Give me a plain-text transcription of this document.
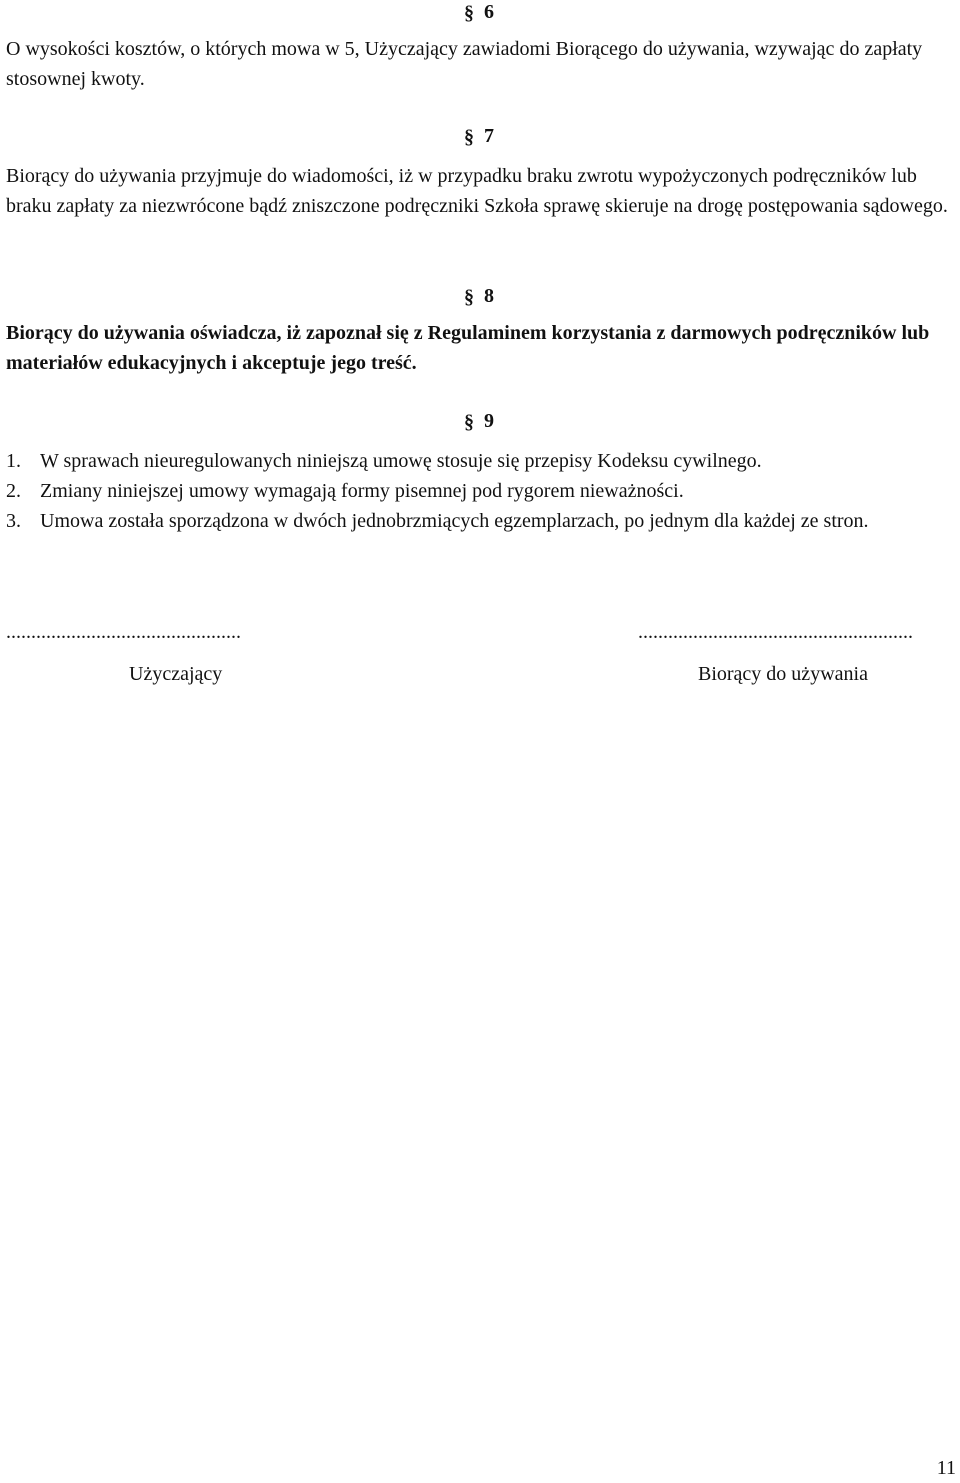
§ 6
O wysokości kosztów, o których mowa w 5, Użyczający zawiadomi Biorącego do używania, wzywając do zapłaty stosownej kwoty.
§ 7
Biorący do używania przyjmuje do wiadomości, iż w przypadku braku zwrotu wypożyczonych podręczników lub braku zapłaty za niezwrócone bądź zniszczone podręczniki Szkoła sprawę skieruje na drogę postępowania sądowego.
§ 8
Biorący do używania oświadcza, iż zapoznał się z Regulaminem korzystania z darmowych podręczników lub materiałów edukacyjnych i akceptuje jego treść.
§ 9
1. W sprawach nieuregulowanych niniejszą umowę stosuje się przepisy Kodeksu cywilnego.
2. Zmiany niniejszej umowy wymagają formy pisemnej pod rygorem nieważności.
3. Umowa została sporządzona w dwóch jednobrzmiących egzemplarzach, po jednym dla każdej ze stron.
...............................................
Użyczający
.......................................................
Biorący do używania
11
